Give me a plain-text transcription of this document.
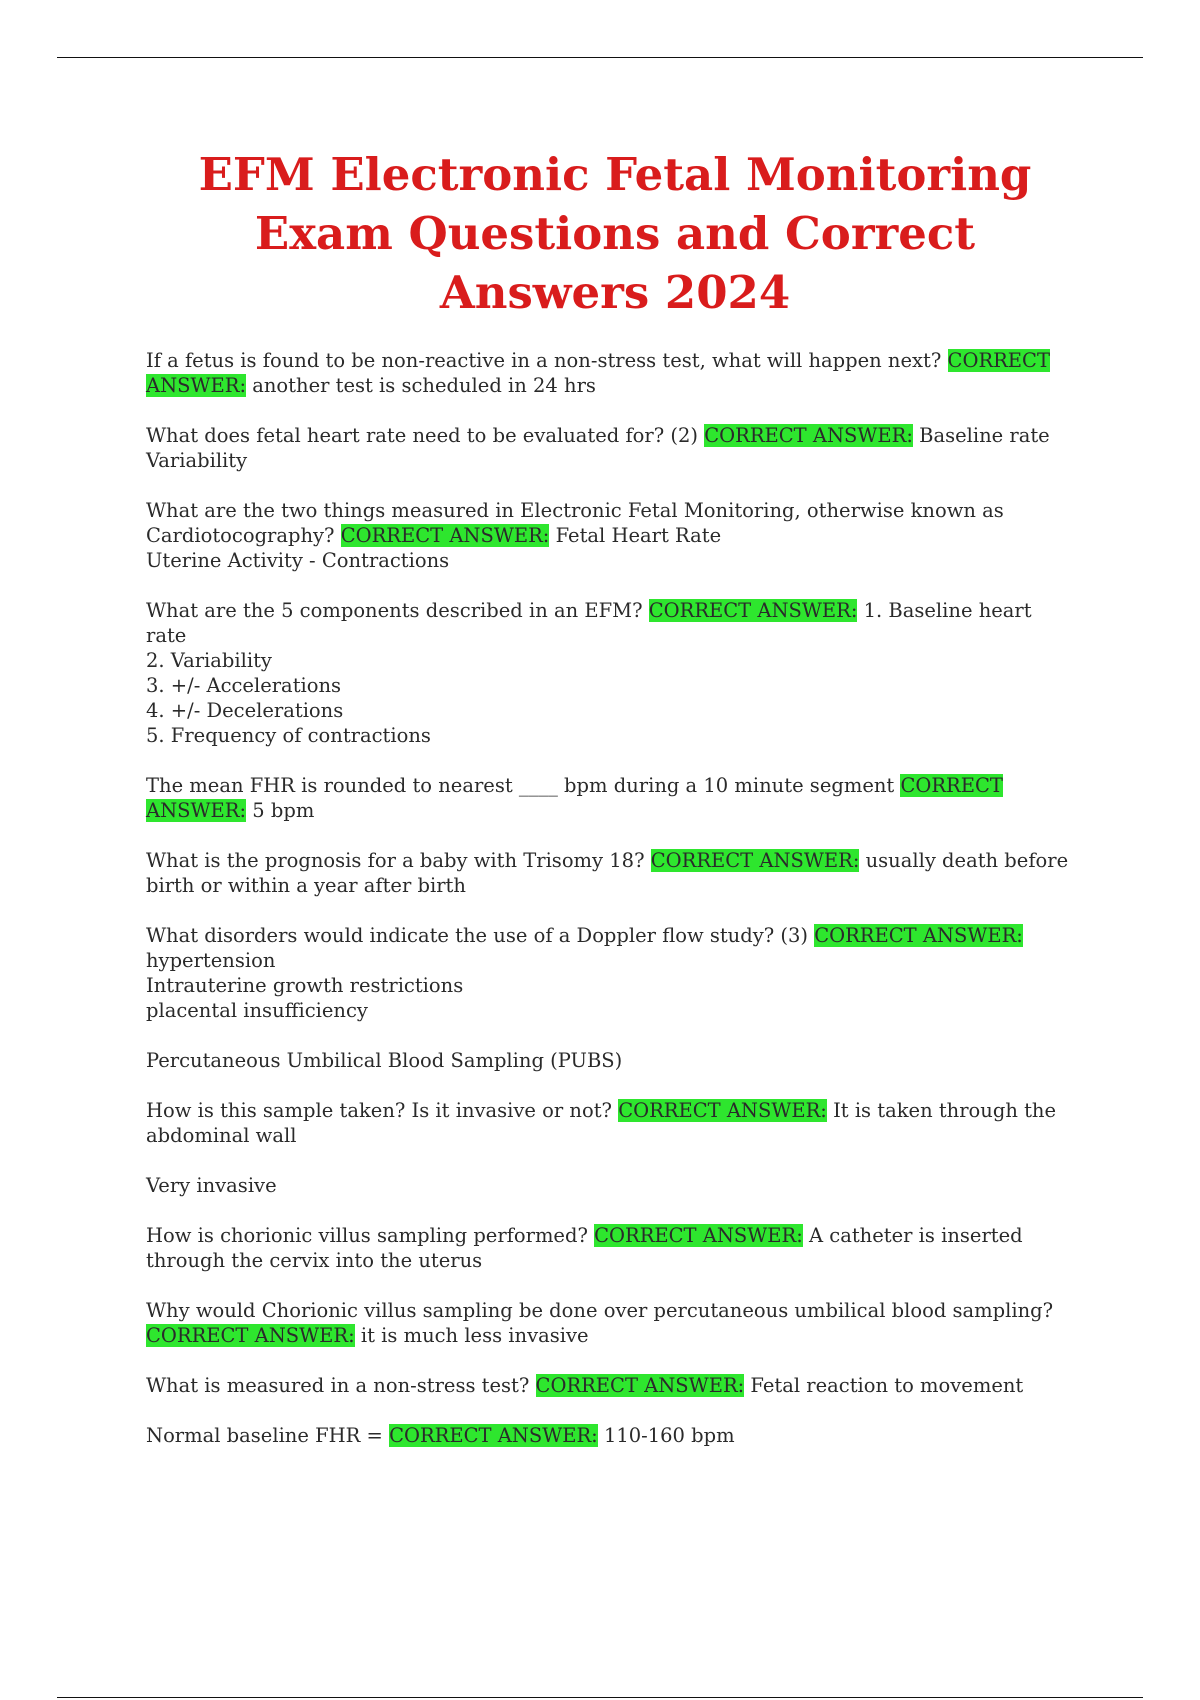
EFM Electronic Fetal Monitoring
Exam Questions and Correct
Answers 2024

If a fetus is found to be non-reactive in a non-stress test, what will happen next? CORRECT ANSWER: another test is scheduled in 24 hrs

What does fetal heart rate need to be evaluated for? (2) CORRECT ANSWER: Baseline rate
Variability

What are the two things measured in Electronic Fetal Monitoring, otherwise known as Cardiotocography? CORRECT ANSWER: Fetal Heart Rate
Uterine Activity - Contractions

What are the 5 components described in an EFM? CORRECT ANSWER: 1. Baseline heart rate
2. Variability
3. +/- Accelerations
4. +/- Decelerations
5. Frequency of contractions

The mean FHR is rounded to nearest ____ bpm during a 10 minute segment CORRECT ANSWER: 5 bpm

What is the prognosis for a baby with Trisomy 18? CORRECT ANSWER: usually death before birth or within a year after birth

What disorders would indicate the use of a Doppler flow study? (3) CORRECT ANSWER:
hypertension
Intrauterine growth restrictions
placental insufficiency

Percutaneous Umbilical Blood Sampling (PUBS)

How is this sample taken? Is it invasive or not? CORRECT ANSWER: It is taken through the abdominal wall

Very invasive

How is chorionic villus sampling performed? CORRECT ANSWER: A catheter is inserted through the cervix into the uterus

Why would Chorionic villus sampling be done over percutaneous umbilical blood sampling? CORRECT ANSWER: it is much less invasive

What is measured in a non-stress test? CORRECT ANSWER: Fetal reaction to movement

Normal baseline FHR = CORRECT ANSWER: 110-160 bpm
